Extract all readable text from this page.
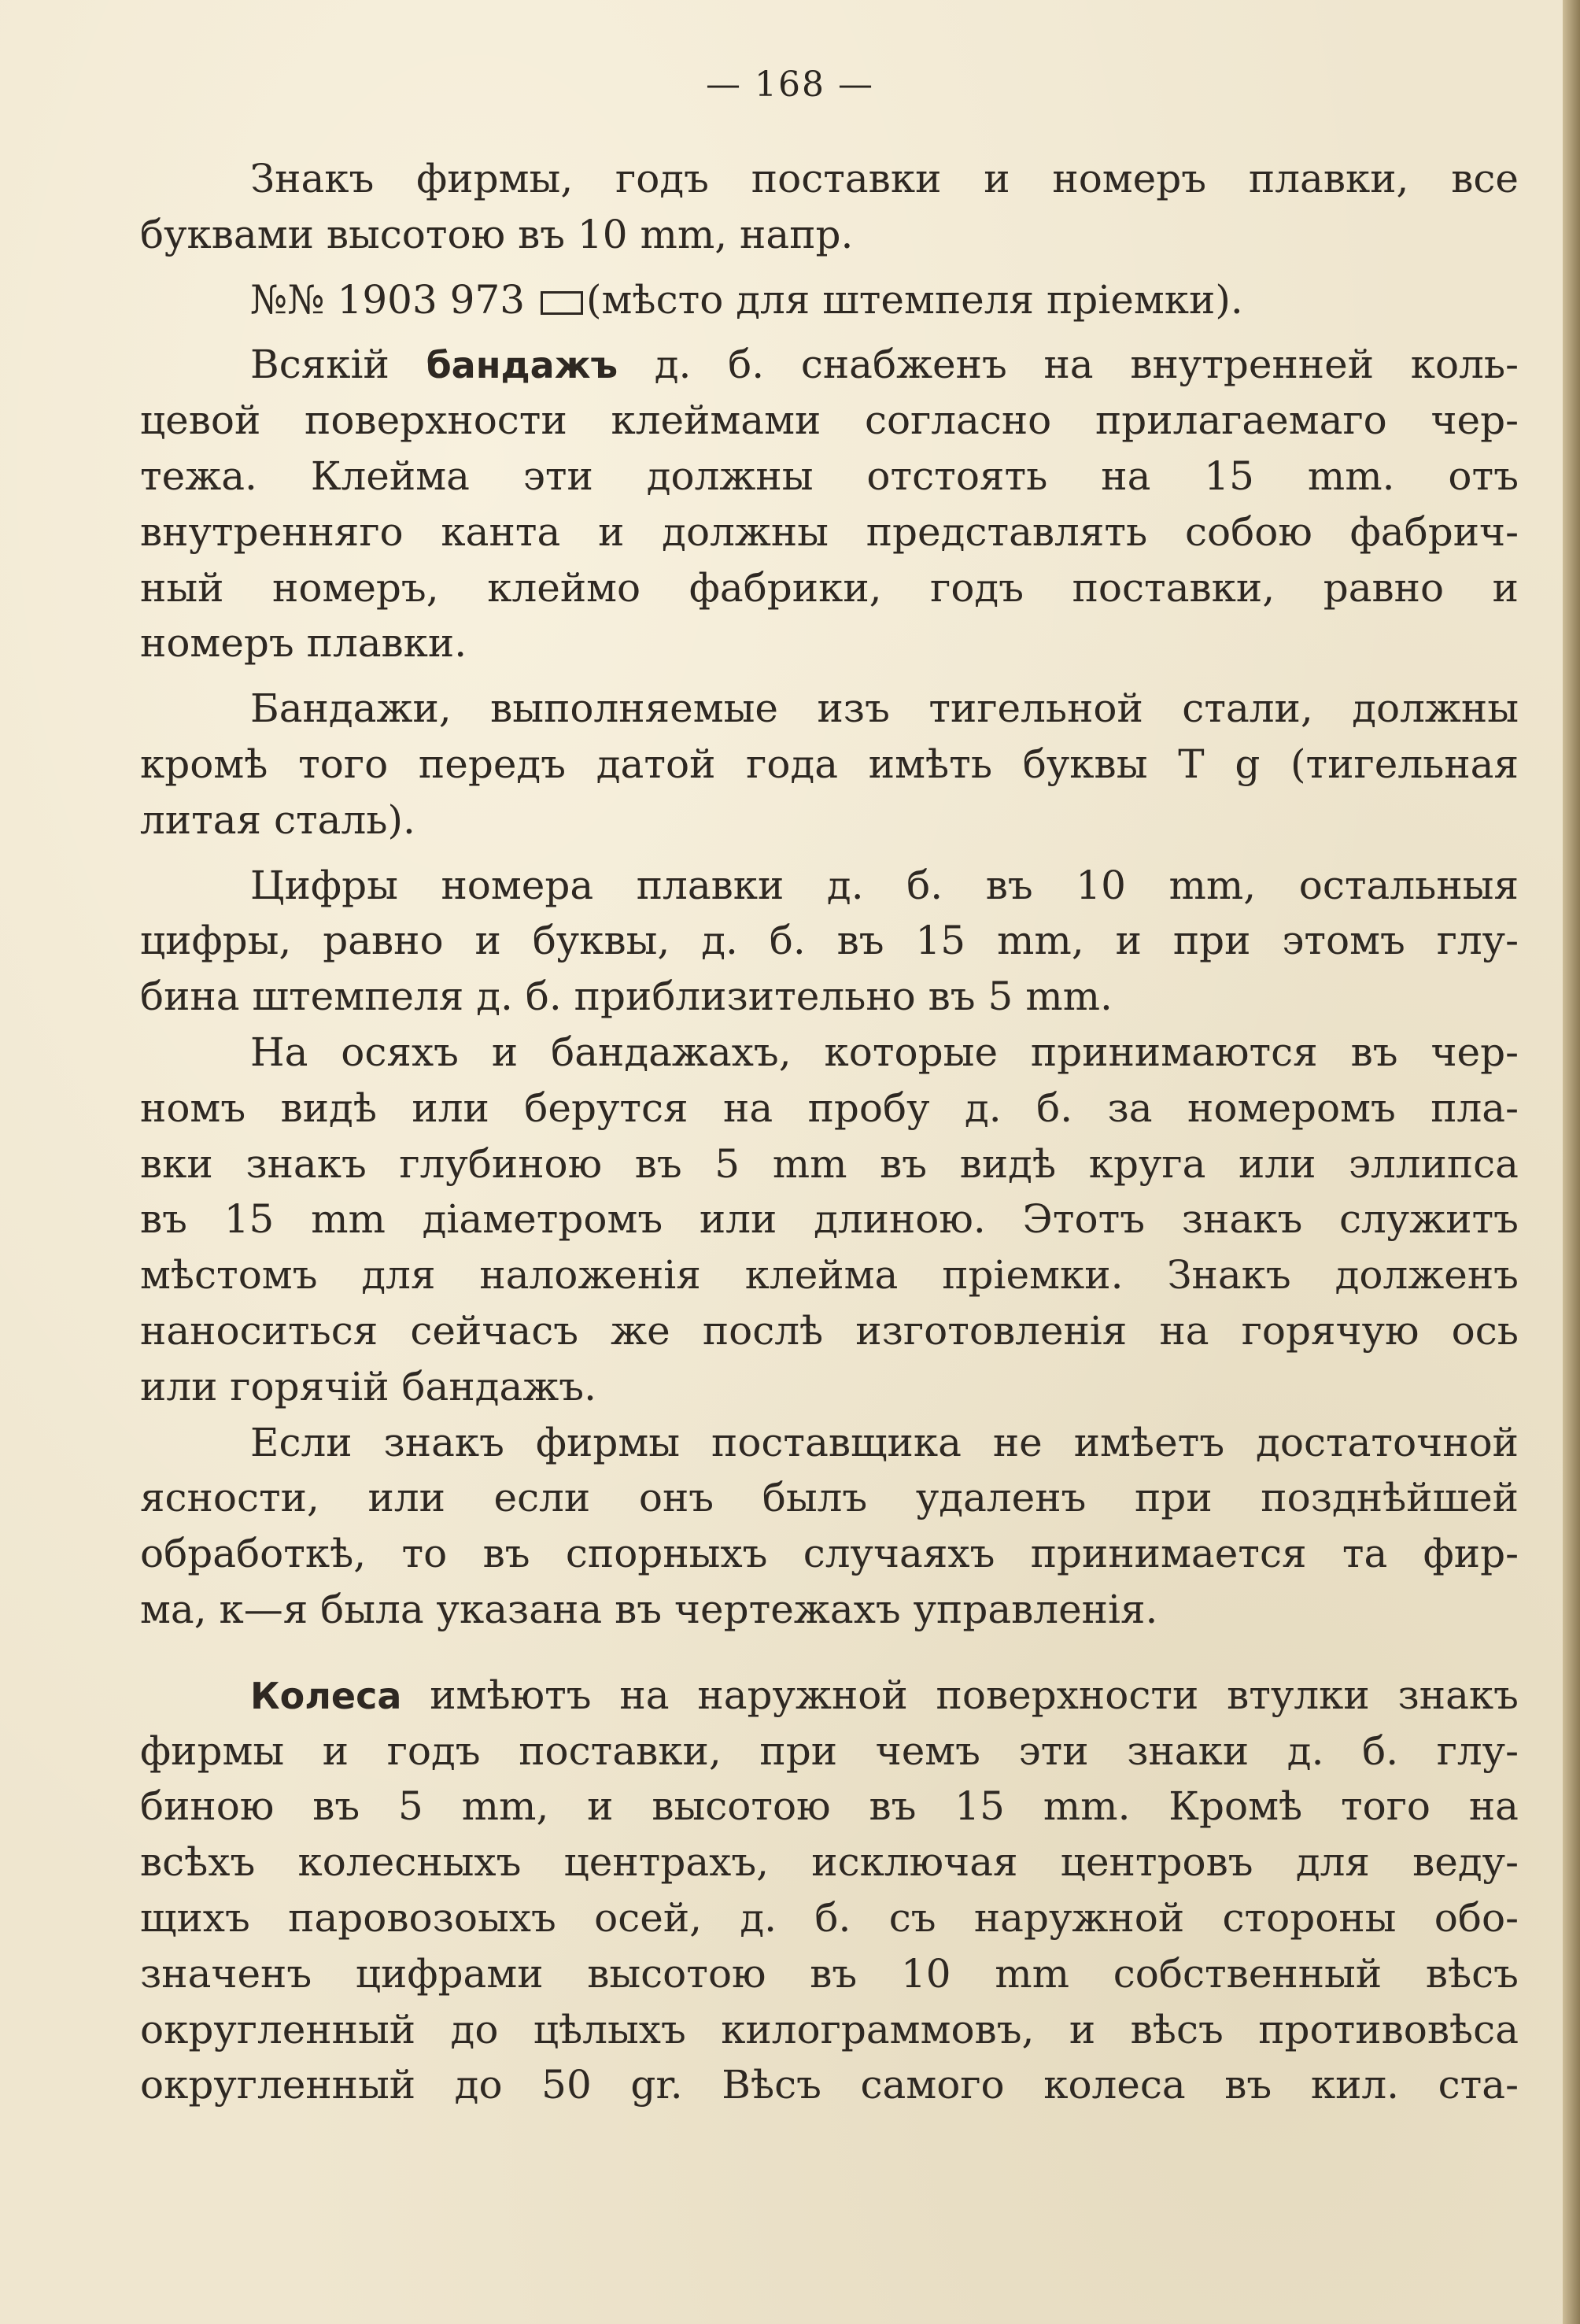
— 168 —
Знакъ фирмы, годъ поставки и номеръ плавки, все
буквами высотою въ 10 mm, напр.
№№ 1903 973 (мѣсто для штемпеля пріемки).
Всякій бандажъ д. б. снабженъ на внутренней коль-
цевой поверхности клеймами согласно прилагаемаго чер-
тежа. Клейма эти должны отстоять на 15 mm. отъ
внутренняго канта и должны представлять собою фабрич-
ный номеръ, клеймо фабрики, годъ поставки, равно и
номеръ плавки.
Бандажи, выполняемые изъ тигельной стали, должны
кромѣ того передъ датой года имѣть буквы T g (тигельная
литая сталь).
Цифры номера плавки д. б. въ 10 mm, остальныя
цифры, равно и буквы, д. б. въ 15 mm, и при этомъ глу-
бина штемпеля д. б. приблизительно въ 5 mm.
На осяхъ и бандажахъ, которые принимаются въ чер-
номъ видѣ или берутся на пробу д. б. за номеромъ пла-
вки знакъ глубиною въ 5 mm въ видѣ круга или эллипса
въ 15 mm діаметромъ или длиною. Этотъ знакъ служитъ
мѣстомъ для наложенія клейма пріемки. Знакъ долженъ
наноситься сейчасъ же послѣ изготовленія на горячую ось
или горячій бандажъ.
Если знакъ фирмы поставщика не имѣетъ достаточной
ясности, или если онъ былъ удаленъ при позднѣйшей
обработкѣ, то въ спорныхъ случаяхъ принимается та фир-
ма, к—я была указана въ чертежахъ управленія.
Колеса имѣютъ на наружной поверхности втулки знакъ
фирмы и годъ поставки, при чемъ эти знаки д. б. глу-
биною въ 5 mm, и высотою въ 15 mm. Кромѣ того на
всѣхъ колесныхъ центрахъ, исключая центровъ для веду-
щихъ паровозоыхъ осей, д. б. съ наружной стороны обо-
значенъ цифрами высотою въ 10 mm собственный вѣсъ
округленный до цѣлыхъ килограммовъ, и вѣсъ противовѣса
округленный до 50 gr. Вѣсъ самого колеса въ кил. ста-
